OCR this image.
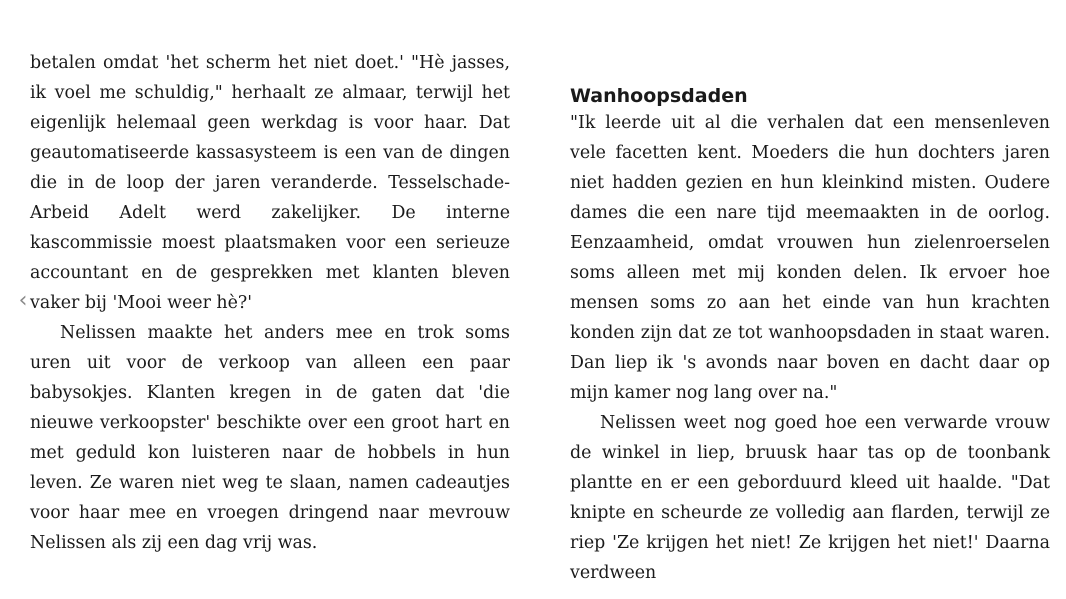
‹

betalen omdat 'het scherm het niet doet.' "Hè jasses, ik voel me schuldig," herhaalt ze almaar, terwijl het eigenlijk helemaal geen werkdag is voor haar. Dat geautomatiseerde kassasysteem is een van de dingen die in de loop der jaren veranderde. Tesselschade-Arbeid Adelt werd zakelijker. De interne kascommissie moest plaatsmaken voor een serieuze accountant en de gesprekken met klanten bleven vaker bij 'Mooi weer hè?'

Nelissen maakte het anders mee en trok soms uren uit voor de verkoop van alleen een paar babysokjes. Klanten kregen in de gaten dat 'die nieuwe verkoopster' beschikte over een groot hart en met geduld kon luisteren naar de hobbels in hun leven. Ze waren niet weg te slaan, namen cadeautjes voor haar mee en vroegen dringend naar mevrouw Nelissen als zij een dag vrij was.

Wanhoopsdaden

"Ik leerde uit al die verhalen dat een mensenleven vele facetten kent. Moeders die hun dochters jaren niet hadden gezien en hun kleinkind misten. Oudere dames die een nare tijd meemaakten in de oorlog. Eenzaamheid, omdat vrouwen hun zielenroerselen soms alleen met mij konden delen. Ik ervoer hoe mensen soms zo aan het einde van hun krachten konden zijn dat ze tot wanhoopsdaden in staat waren. Dan liep ik 's avonds naar boven en dacht daar op mijn kamer nog lang over na."

Nelissen weet nog goed hoe een verwarde vrouw de winkel in liep, bruusk haar tas op de toonbank plantte en er een geborduurd kleed uit haalde. "Dat knipte en scheurde ze volledig aan flarden, terwijl ze riep 'Ze krijgen het niet! Ze krijgen het niet!' Daarna verdween
